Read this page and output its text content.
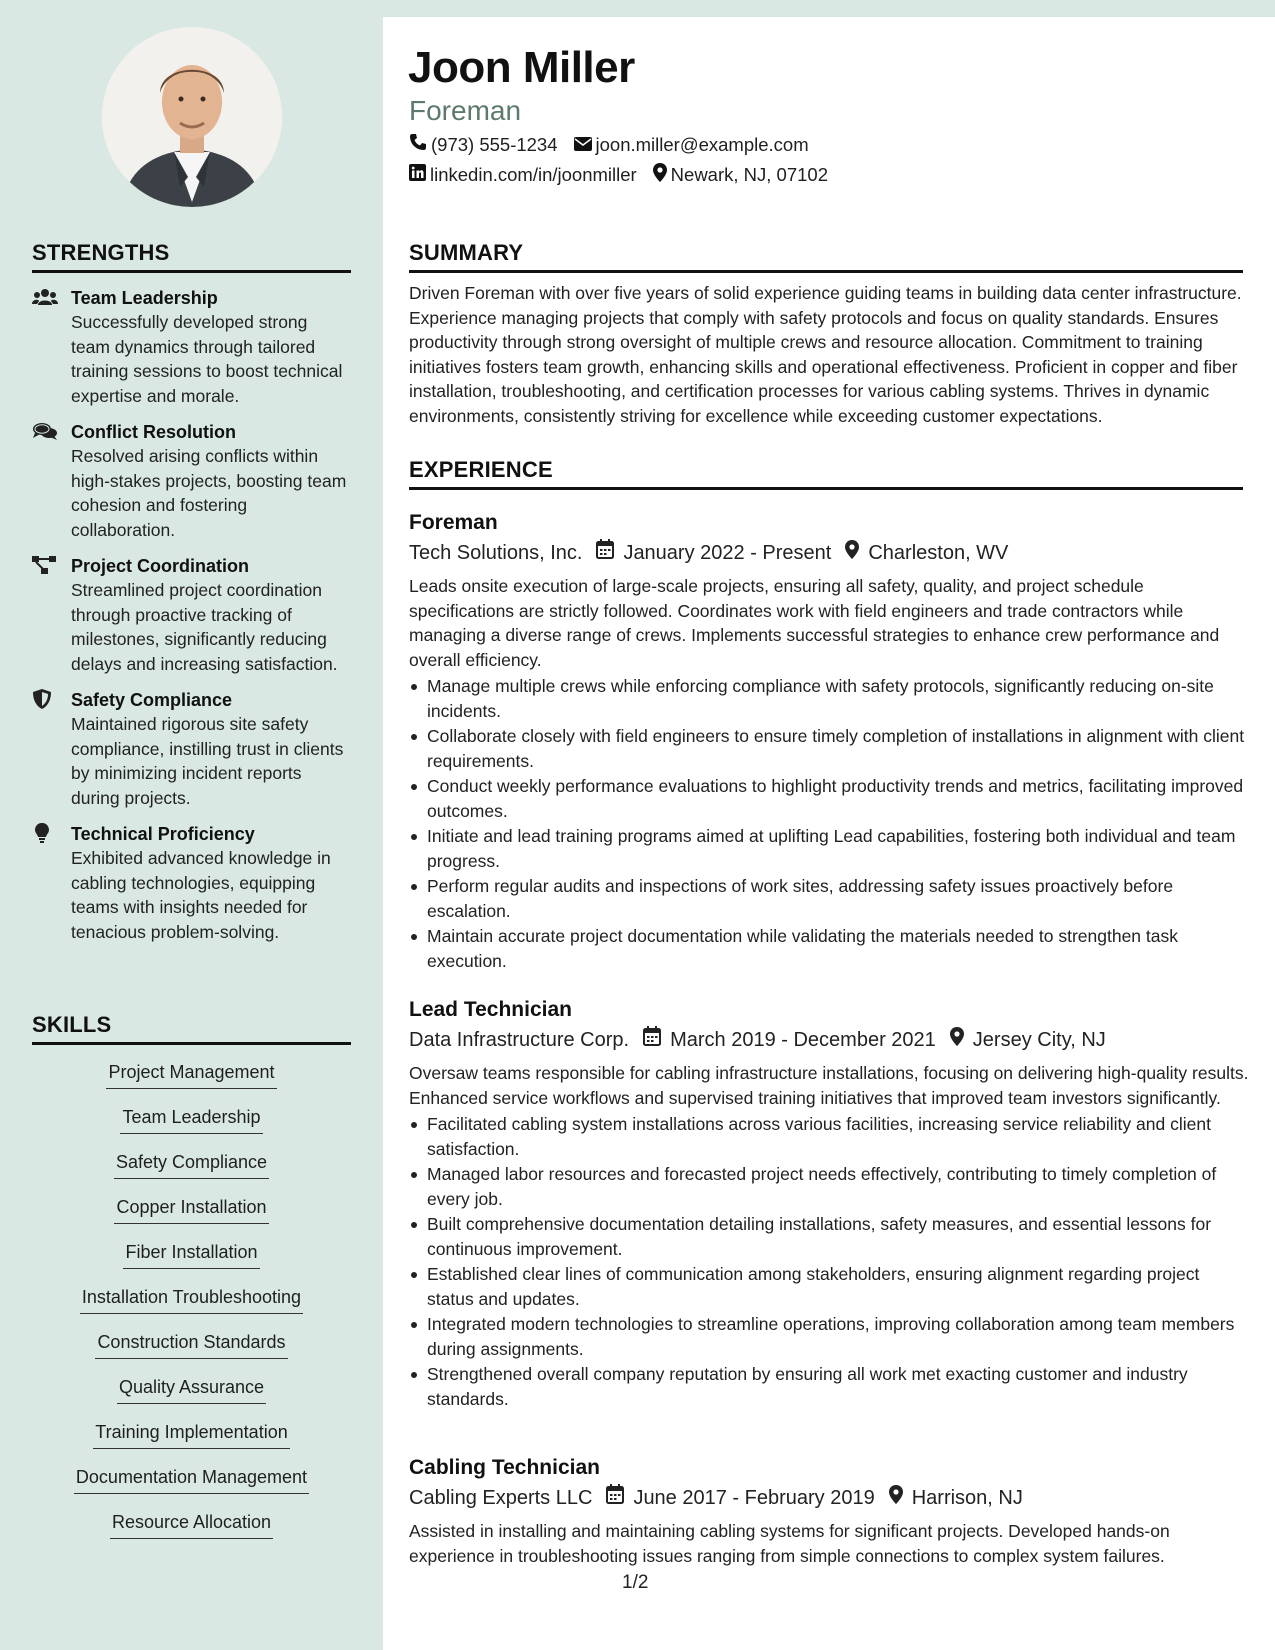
STRENGTHS
Team Leadership
Successfully developed strong team dynamics through tailored training sessions to boost technical expertise and morale.
Conflict Resolution
Resolved arising conflicts within high-stakes projects, boosting team cohesion and fostering collaboration.
Project Coordination
Streamlined project coordination through proactive tracking of milestones, significantly reducing delays and increasing satisfaction.
Safety Compliance
Maintained rigorous site safety compliance, instilling trust in clients by minimizing incident reports during projects.
Technical Proficiency
Exhibited advanced knowledge in cabling technologies, equipping teams with insights needed for tenacious problem-solving.
SKILLS
Project Management
Team Leadership
Safety Compliance
Copper Installation
Fiber Installation
Installation Troubleshooting
Construction Standards
Quality Assurance
Training Implementation
Documentation Management
Resource Allocation
Joon Miller
Foreman
(973) 555-1234 joon.miller@example.com
linkedin.com/in/joonmiller Newark, NJ, 07102
SUMMARY
Driven Foreman with over five years of solid experience guiding teams in building data center infrastructure. Experience managing projects that comply with safety protocols and focus on quality standards. Ensures productivity through strong oversight of multiple crews and resource allocation. Commitment to training initiatives fosters team growth, enhancing skills and operational effectiveness. Proficient in copper and fiber installation, troubleshooting, and certification processes for various cabling systems. Thrives in dynamic environments, consistently striving for excellence while exceeding customer expectations.
EXPERIENCE
Foreman
Tech Solutions, Inc. January 2022 - Present Charleston, WV
Leads onsite execution of large-scale projects, ensuring all safety, quality, and project schedule specifications are strictly followed. Coordinates work with field engineers and trade contractors while managing a diverse range of crews. Implements successful strategies to enhance crew performance and overall efficiency.
Manage multiple crews while enforcing compliance with safety protocols, significantly reducing on-site incidents.
Collaborate closely with field engineers to ensure timely completion of installations in alignment with client requirements.
Conduct weekly performance evaluations to highlight productivity trends and metrics, facilitating improved outcomes.
Initiate and lead training programs aimed at uplifting Lead capabilities, fostering both individual and team progress.
Perform regular audits and inspections of work sites, addressing safety issues proactively before escalation.
Maintain accurate project documentation while validating the materials needed to strengthen task execution.
Lead Technician
Data Infrastructure Corp. March 2019 - December 2021 Jersey City, NJ
Oversaw teams responsible for cabling infrastructure installations, focusing on delivering high-quality results. Enhanced service workflows and supervised training initiatives that improved team investors significantly.
Facilitated cabling system installations across various facilities, increasing service reliability and client satisfaction.
Managed labor resources and forecasted project needs effectively, contributing to timely completion of every job.
Built comprehensive documentation detailing installations, safety measures, and essential lessons for continuous improvement.
Established clear lines of communication among stakeholders, ensuring alignment regarding project status and updates.
Integrated modern technologies to streamline operations, improving collaboration among team members during assignments.
Strengthened overall company reputation by ensuring all work met exacting customer and industry standards.
Cabling Technician
Cabling Experts LLC June 2017 - February 2019 Harrison, NJ
Assisted in installing and maintaining cabling systems for significant projects. Developed hands-on experience in troubleshooting issues ranging from simple connections to complex system failures.
1/2
